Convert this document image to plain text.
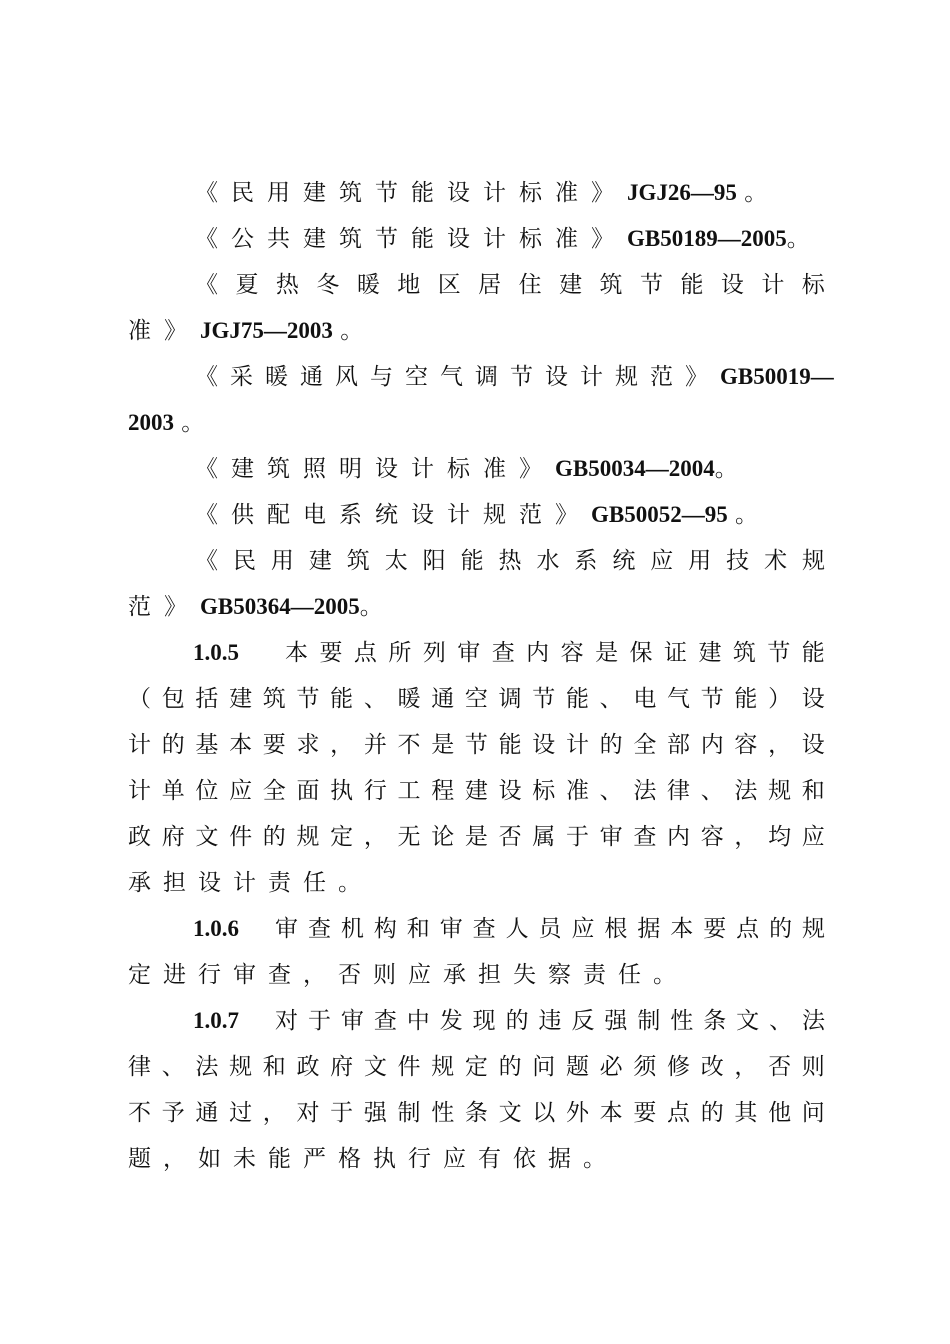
《民用建筑节能设计标准》JGJ26—95 。
《公共建筑节能设计标准》GB50189—2005。
《 夏 热 冬 暖 地 区 居 住 建 筑 节 能 设 计 标
准》JGJ75—2003 。
《采暖通风与空气调节设计规范》GB50019—
2003 。
《建筑照明设计标准》GB50034—2004。
《供配电系统设计规范》GB50052—95 。
《 民 用 建 筑 太 阳 能 热 水 系 统 应 用 技 术 规
范》GB50364—2005。
1.0.5	本 要 点 所 列 审 查 内 容 是 保 证 建 筑 节 能
（ 包 括 建 筑 节 能 、 暖 通 空 调 节 能 、 电 气 节 能 ） 设
计 的 基 本 要 求 ， 并 不 是 节 能 设 计 的 全 部 内 容 ， 设
计 单 位 应 全 面 执 行 工 程 建 设 标 准 、 法 律 、 法 规 和
政 府 文 件 的 规 定 ， 无 论 是 否 属 于 审 查 内 容 ， 均 应
承担设计责任。
1.0.6	审 查 机 构 和 审 查 人 员 应 根 据 本 要 点 的 规
定进行审查，否则应承担失察责任。
1.0.7	对 于 审 查 中 发 现 的 违 反 强 制 性 条 文 、 法
律 、 法 规 和 政 府 文 件 规 定 的 问 题 必 须 修 改 ， 否 则
不 予 通 过 ， 对 于 强 制 性 条 文 以 外 本 要 点 的 其 他 问
题，如未能严格执行应有依据。
